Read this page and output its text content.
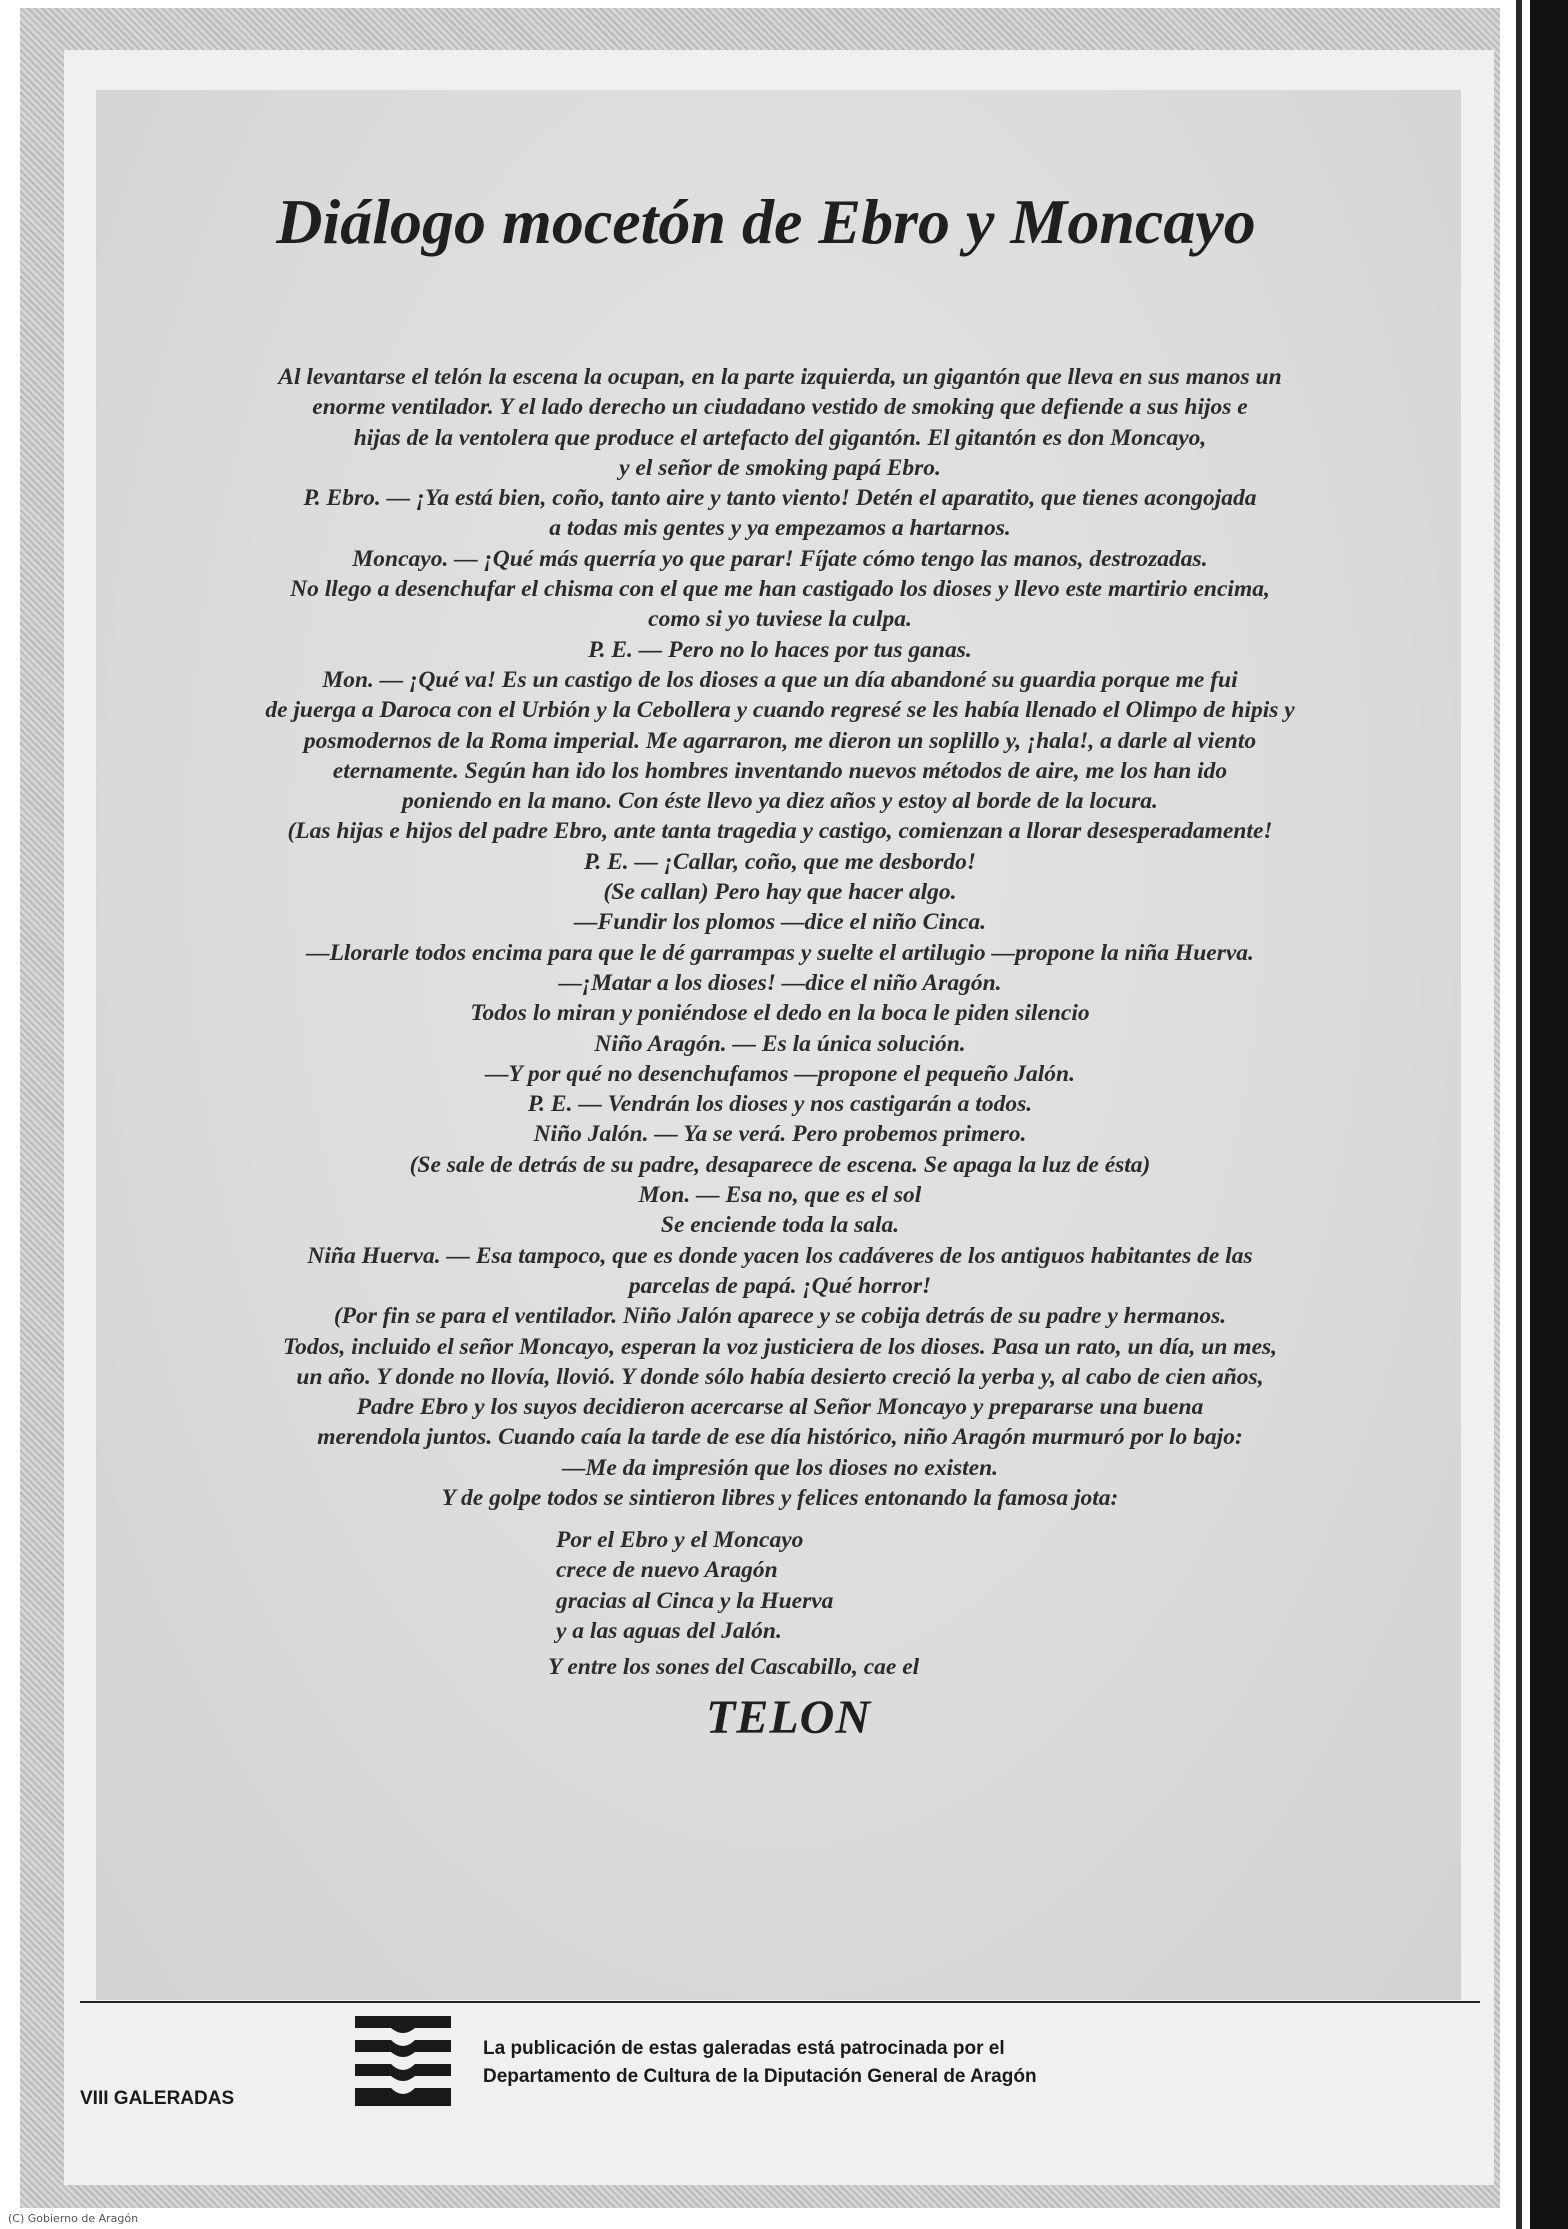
Diálogo mocetón de Ebro y Moncayo
Al levantarse el telón la escena la ocupan, en la parte izquierda, un gigantón que lleva en sus manos un
enorme ventilador. Y el lado derecho un ciudadano vestido de smoking que defiende a sus hijos e
hijas de la ventolera que produce el artefacto del gigantón. El gitantón es don Moncayo,
y el señor de smoking papá Ebro.
P. Ebro. — ¡Ya está bien, coño, tanto aire y tanto viento! Detén el aparatito, que tienes acongojada
a todas mis gentes y ya empezamos a hartarnos.
Moncayo. — ¡Qué más querría yo que parar! Fíjate cómo tengo las manos, destrozadas.
No llego a desenchufar el chisma con el que me han castigado los dioses y llevo este martirio encima,
como si yo tuviese la culpa.
P. E. — Pero no lo haces por tus ganas.
Mon. — ¡Qué va! Es un castigo de los dioses a que un día abandoné su guardia porque me fui
de juerga a Daroca con el Urbión y la Cebollera y cuando regresé se les había llenado el Olimpo de hipis y
posmodernos de la Roma imperial. Me agarraron, me dieron un soplillo y, ¡hala!, a darle al viento
eternamente. Según han ido los hombres inventando nuevos métodos de aire, me los han ido
poniendo en la mano. Con éste llevo ya diez años y estoy al borde de la locura.
(Las hijas e hijos del padre Ebro, ante tanta tragedia y castigo, comienzan a llorar desesperadamente!
P. E. — ¡Callar, coño, que me desbordo!
(Se callan) Pero hay que hacer algo.
—Fundir los plomos —dice el niño Cinca.
—Llorarle todos encima para que le dé garrampas y suelte el artilugio —propone la niña Huerva.
—¡Matar a los dioses! —dice el niño Aragón.
Todos lo miran y poniéndose el dedo en la boca le piden silencio
Niño Aragón. — Es la única solución.
—Y por qué no desenchufamos —propone el pequeño Jalón.
P. E. — Vendrán los dioses y nos castigarán a todos.
Niño Jalón. — Ya se verá. Pero probemos primero.
(Se sale de detrás de su padre, desaparece de escena. Se apaga la luz de ésta)
Mon. — Esa no, que es el sol
Se enciende toda la sala.
Niña Huerva. — Esa tampoco, que es donde yacen los cadáveres de los antiguos habitantes de las
parcelas de papá. ¡Qué horror!
(Por fin se para el ventilador. Niño Jalón aparece y se cobija detrás de su padre y hermanos.
Todos, incluido el señor Moncayo, esperan la voz justiciera de los dioses. Pasa un rato, un día, un mes,
un año. Y donde no llovía, llovió. Y donde sólo había desierto creció la yerba y, al cabo de cien años,
Padre Ebro y los suyos decidieron acercarse al Señor Moncayo y prepararse una buena
merendola juntos. Cuando caía la tarde de ese día histórico, niño Aragón murmuró por lo bajo:
—Me da impresión que los dioses no existen.
Y de golpe todos se sintieron libres y felices entonando la famosa jota:
Por el Ebro y el Moncayo
crece de nuevo Aragón
gracias al Cinca y la Huerva
y a las aguas del Jalón.
Y entre los sones del Cascabillo, cae el
TELON
La publicación de estas galeradas está patrocinada por el
Departamento de Cultura de la Diputación General de Aragón
VIII GALERADAS
(C) Gobierno de Aragón
